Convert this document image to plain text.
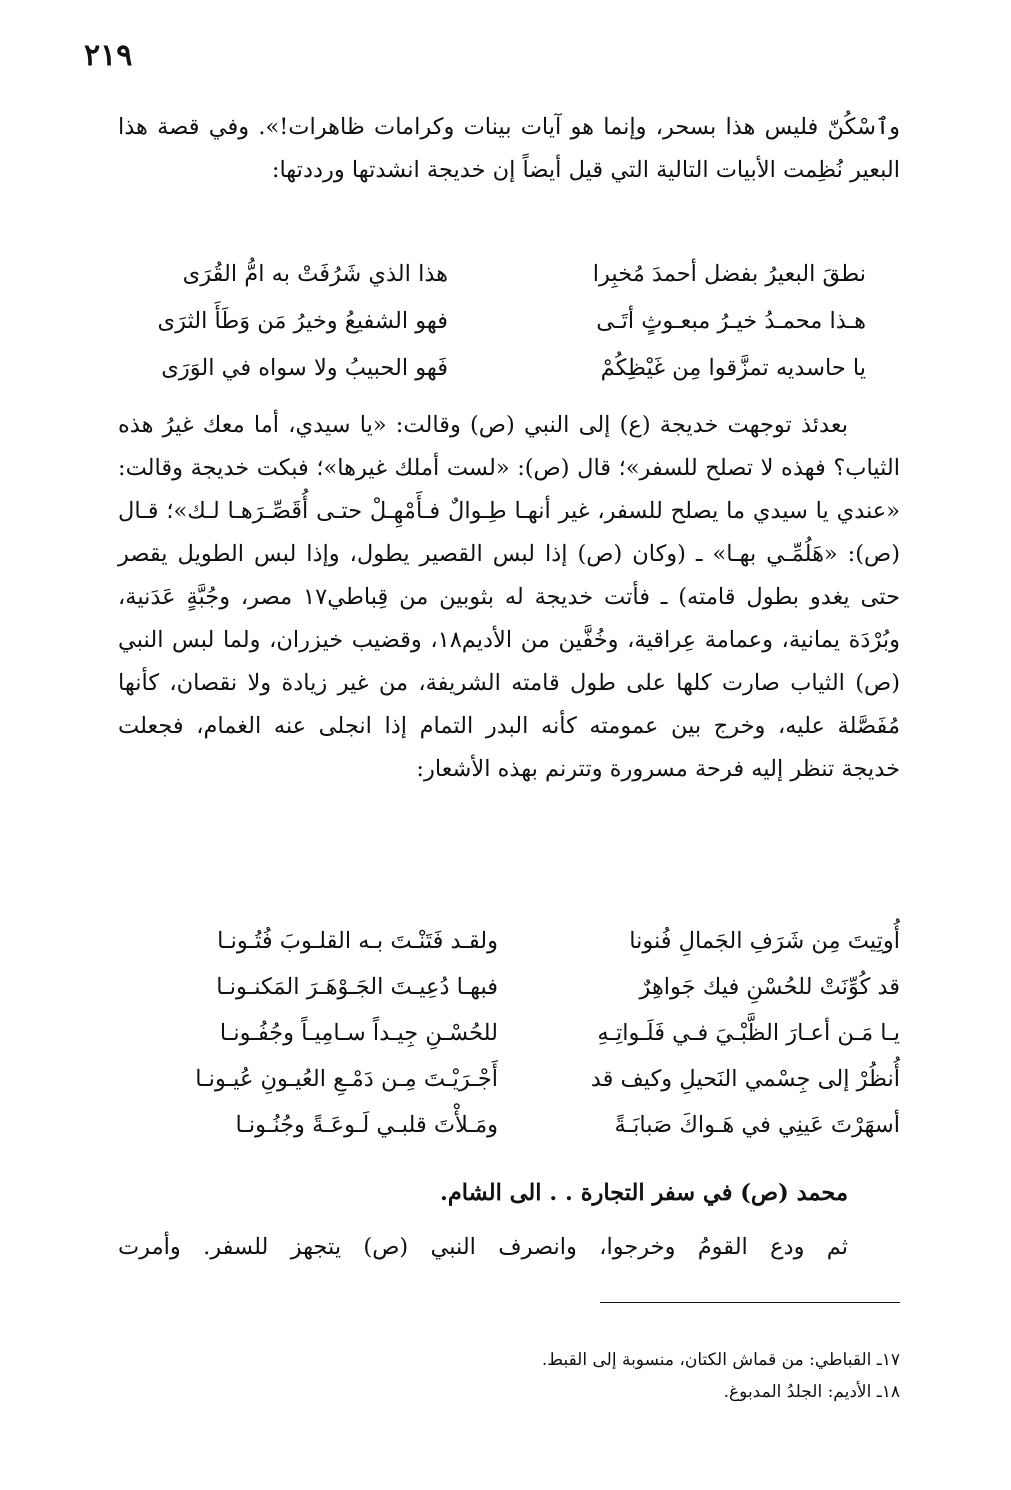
٢١٩

وٱسْكُنّ فليس هذا بسحر، وإنما هو آيات بينات وكرامات ظاهرات!». وفي قصة هذا البعير نُظِمت الأبيات التالية التي قيل أيضاً إن خديجة انشدتها ورددتها:

نطقَ البعيرُ بفضل أحمدَ مُخبِرا
هذا الذي شَرُفَتْ به امُّ القُرَى
هـذا محمـدُ خيـرُ مبعـوثٍ أتَـى
فهو الشفيعُ وخيرُ مَن وَطَأَ الثرَى
يا حاسديه تمزَّقوا مِن غَيْظِكُمْ
فَهو الحبيبُ ولا سواه في الوَرَى

بعدئذ توجهت خديجة (ع) إلى النبي (ص) وقالت: «يا سيدي، أما معك غيرُ هذه الثياب؟ فهذه لا تصلح للسفر»؛ قال (ص): «لست أملك غيرها»؛ فبكت خديجة وقالت: «عندي يا سيدي ما يصلح للسفر، غير أنهـا طِـوالٌ فـأَمْهِـلْ حتـى أُقَصِّـرَهـا لـك»؛ قـال (ص): «هَلُمِّـي بهـا» ـ (وكان (ص) إذا لبس القصير يطول، وإذا لبس الطويل يقصر حتى يغدو بطول قامته) ـ فأتت خديجة له بثوبين من قِباطي١٧ مصر، وجُبَّةٍ عَدَنية، وبُرْدَة يمانية، وعمامة عِراقية، وخُفَّين من الأديم١٨، وقضيب خيزران، ولما لبس النبي (ص) الثياب صارت كلها على طول قامته الشريفة، من غير زيادة ولا نقصان، كأنها مُفَصَّلة عليه، وخرج بين عمومته كأنه البدر التمام إذا انجلى عنه الغمام، فجعلت خديجة تنظر إليه فرحة مسرورة وتترنم بهذه الأشعار:

أُوتِيتَ مِن شَرَفِ الجَمالِ فُنونا
ولقـد فَتَنْـتَ بـه القلـوبَ فُتُـونـا
قد كُوِّنَتْ للحُسْنِ فيك جَواهِرٌ
فبهـا دُعِيـتَ الجَـوْهَـرَ المَكنـونـا
يـا مَـن أعـارَ الظَّبْـيَ فـي فَلَـواتِـهِ
للحُسْـنِ جِيـداً سـامِيـاً وجُفُـونـا
أُنظُرْ إلى جِسْمي النَحيلِ وكيف قد
أَجْـرَيْـتَ مِـن دَمْـعِ العُيـونِ عُيـونـا
أسهَرْتَ عَينِي في هَـواكَ صَبابَـةً
ومَـلأْتَ قلبـي لَـوعَـةً وجُنُـونـا
محمد (ص) في سفر التجارة . . الى الشام.
ثم ودع القومُ وخرجوا، وانصرف النبي (ص) يتجهز للسفر. وأمرت

١٧ـ القباطي: من قماش الكتان، منسوبة إلى القبط.

١٨ـ الأديم: الجلدُ المدبوغ.
